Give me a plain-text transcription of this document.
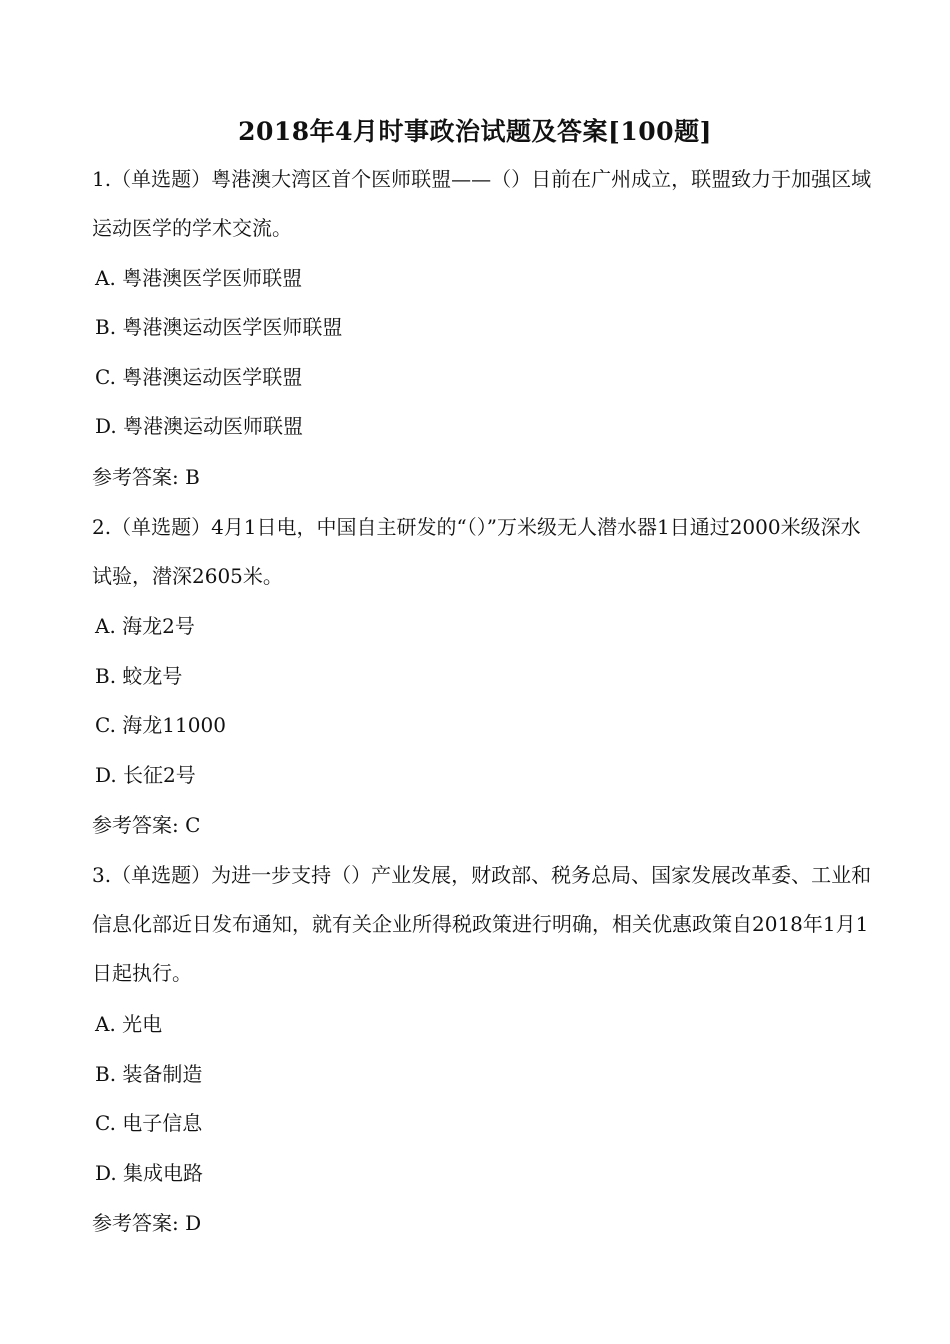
2018年4月时事政治试题及答案[100题]
1.（单选题）粤港澳大湾区首个医师联盟——（）日前在广州成立，联盟致力于加强区域运动医学的学术交流。
A. 粤港澳医学医师联盟
B. 粤港澳运动医学医师联盟
C. 粤港澳运动医学联盟
D. 粤港澳运动医师联盟
参考答案: B
2.（单选题）4月1日电，中国自主研发的“（）”万米级无人潜水器1日通过2000米级深水试验，潜深2605米。
A. 海龙2号
B. 蛟龙号
C. 海龙11000
D. 长征2号
参考答案: C
3.（单选题）为进一步支持（）产业发展，财政部、税务总局、国家发展改革委、工业和信息化部近日发布通知，就有关企业所得税政策进行明确，相关优惠政策自2018年1月1日起执行。
A. 光电
B. 装备制造
C. 电子信息
D. 集成电路
参考答案: D
